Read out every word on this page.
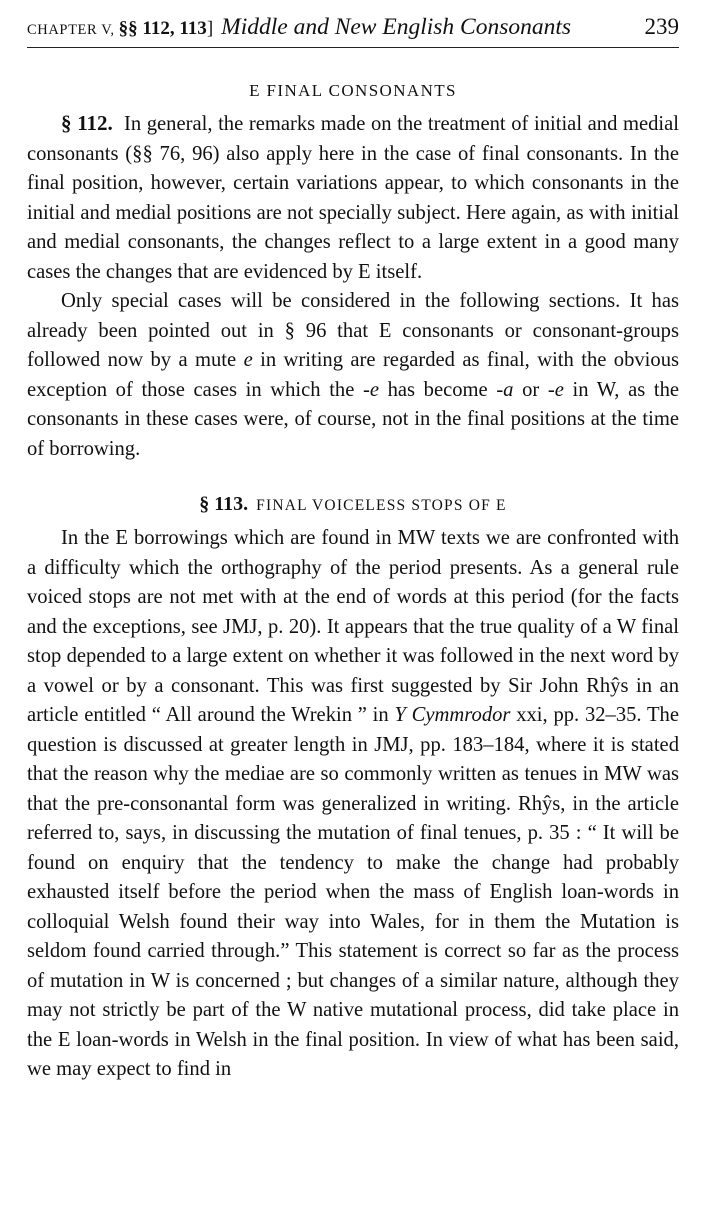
CHAPTER V, §§ 112, 113 ] Middle and New English Consonants	239
E FINAL CONSONANTS

§ 112. In general, the remarks made on the treatment of initial and medial consonants (§§ 76, 96) also apply here in the case of final consonants. In the final position, however, certain variations appear, to which consonants in the initial and medial positions are not specially subject. Here again, as with initial and medial consonants, the changes reflect to a large extent in a good many cases the changes that are evidenced by E itself.

Only special cases will be considered in the following sections. It has already been pointed out in § 96 that E consonants or consonant-groups followed now by a mute e in writing are regarded as final, with the obvious exception of those cases in which the -e has become -a or -e in W, as the consonants in these cases were, of course, not in the final positions at the time of borrowing.

§ 113. FINAL VOICELESS STOPS OF E

In the E borrowings which are found in MW texts we are confronted with a difficulty which the orthography of the period presents. As a general rule voiced stops are not met with at the end of words at this period (for the facts and the exceptions, see JMJ, p. 20). It appears that the true quality of a W final stop depended to a large extent on whether it was followed in the next word by a vowel or by a consonant. This was first suggested by Sir John Rhŷs in an article entitled “ All around the Wrekin ” in Y Cymmrodor xxi, pp. 32–35. The question is discussed at greater length in JMJ, pp. 183–184, where it is stated that the reason why the mediae are so commonly written as tenues in MW was that the pre-consonantal form was generalized in writing. Rhŷs, in the article referred to, says, in discussing the mutation of final tenues, p. 35 : “ It will be found on enquiry that the tendency to make the change had probably exhausted itself before the period when the mass of English loan-words in colloquial Welsh found their way into Wales, for in them the Mutation is seldom found carried through.” This statement is correct so far as the process of mutation in W is concerned ; but changes of a similar nature, although they may not strictly be part of the W native mutational process, did take place in the E loan-words in Welsh in the final position. In view of what has been said, we may expect to find in
